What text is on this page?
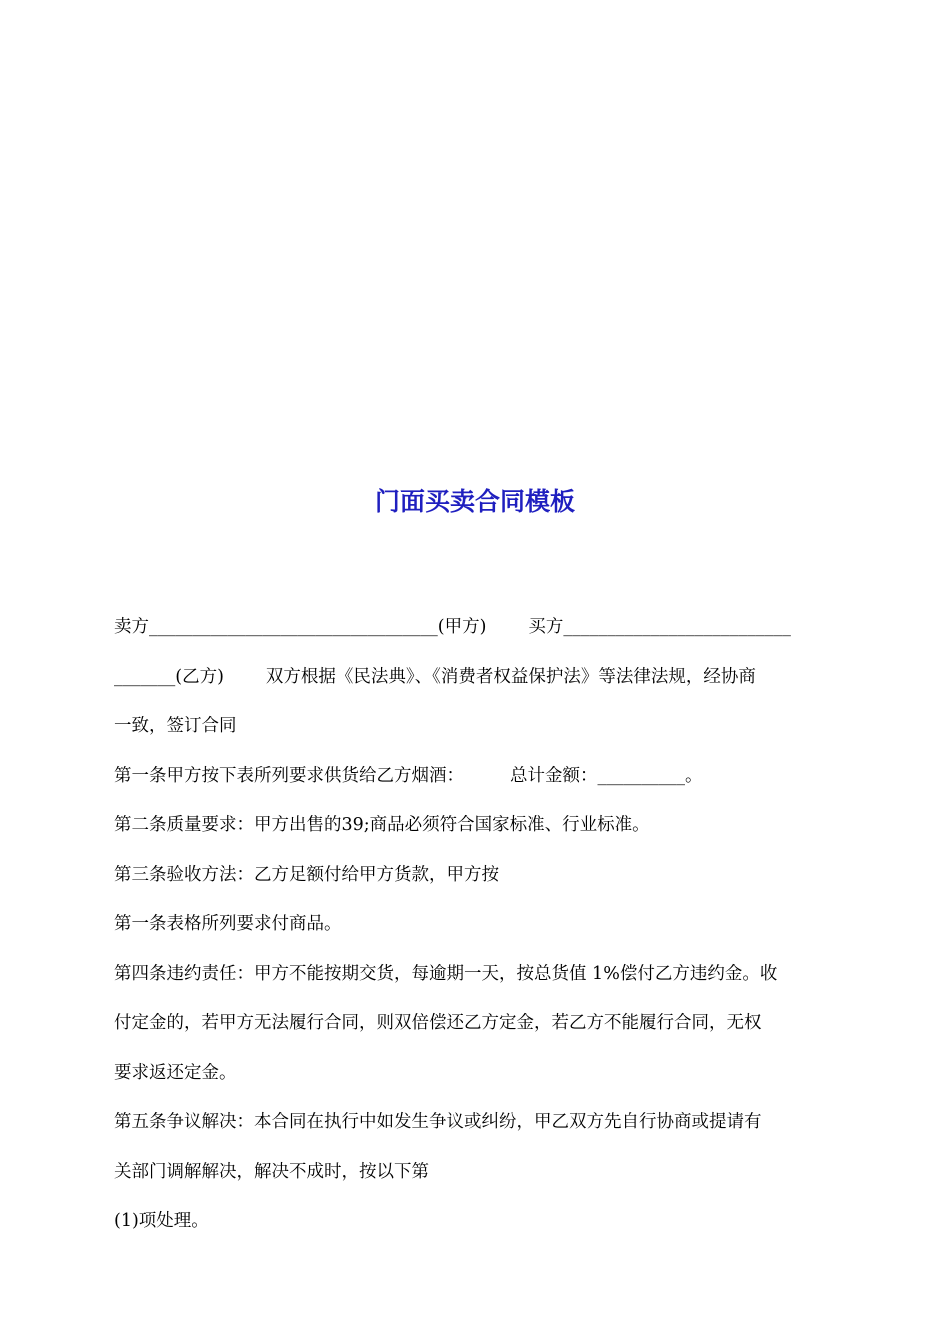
门面买卖合同模板
卖方_________________________________(甲方) 买方__________________________
_______(乙方) 双方根据《民法典》、《消费者权益保护法》等法律法规，经协商
一致，签订合同
第一条甲方按下表所列要求供货给乙方烟酒：	总计金额：__________。
第二条质量要求：甲方出售的39;商品必须符合国家标准、行业标准。
第三条验收方法：乙方足额付给甲方货款，甲方按
第一条表格所列要求付商品。
第四条违约责任：甲方不能按期交货，每逾期一天，按总货值 1%偿付乙方违约金。收
付定金的，若甲方无法履行合同，则双倍偿还乙方定金，若乙方不能履行合同，无权
要求返还定金。
第五条争议解决：本合同在执行中如发生争议或纠纷，甲乙双方先自行协商或提请有
关部门调解解决，解决不成时，按以下第
(1)项处理。
